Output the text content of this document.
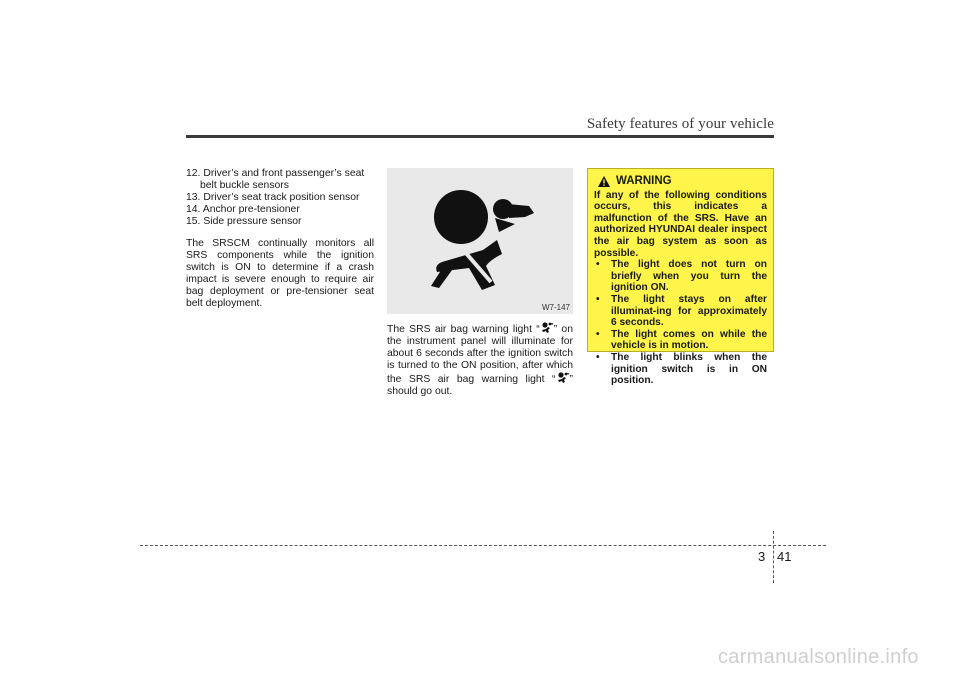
Safety features of your vehicle
12. Driver’s and front passenger’s seat belt buckle sensors
13. Driver’s seat track position sensor
14. Anchor pre-tensioner
15. Side pressure sensor

The SRSCM continually monitors all SRS components while the ignition switch is ON to determine if a crash impact is severe enough to require air bag deployment or pre-tensioner seat belt deployment.	W7-147
The SRS air bag warning light “ ” on the instrument panel will illuminate for about 6 seconds after the ignition switch is turned to the ON position, after which the SRS air bag warning light “ ” should go out.
WARNING

If any of the following conditions occurs, this indicates a malfunction of the SRS. Have an authorized HYUNDAI dealer inspect the air bag system as soon as possible.

• The light does not turn on briefly when you turn the ignition ON.
• The light stays on after illuminat-ing for approximately 6 seconds.
• The light comes on while the vehicle is in motion.
• The light blinks when the ignition switch is in ON position.
3 41
carmanualsonline.info
